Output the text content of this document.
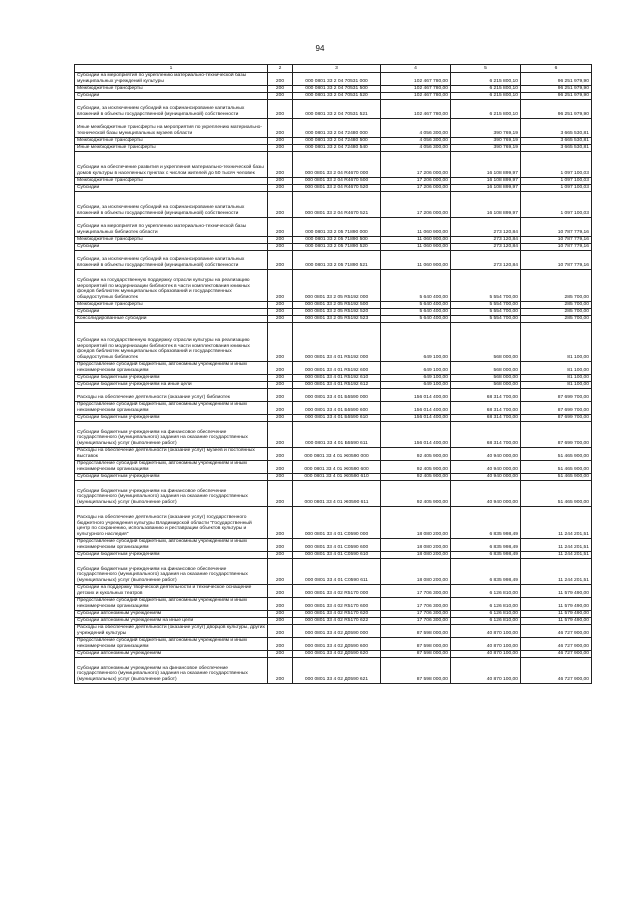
94
1	2	3	4	5	6
Субсидии на мероприятия по укреплению материально-технической базы муниципальных учреждений культуры	200	000 0801 33 2 04 70531 000	102 467 780,00	6 215 800,10	96 251 979,90
Межбюджетные трансферты	200	000 0801 33 2 04 70531 500	102 467 780,00	6 215 800,10	96 251 979,90
Субсидии	200	000 0801 33 2 04 70531 520	102 467 780,00	6 215 800,10	96 251 979,90
Субсидии, за исключением субсидий на софинансирование капитальных вложений в объекты государственной (муниципальной) собственности	200	000 0801 33 2 04 70531 521	102 467 780,00	6 215 800,10	96 251 979,90
Иные межбюджетные трансферты на мероприятия по укреплению материально-технической базы муниципальных музеев области	200	000 0801 33 2 04 72480 000	4 056 300,00	390 769,19	3 665 530,81
Межбюджетные трансферты	200	000 0801 33 2 04 72480 500	4 056 300,00	390 769,19	3 665 530,81
Иные межбюджетные трансферты	200	000 0801 33 2 04 72480 540	4 056 300,00	390 769,19	3 665 530,81
Субсидии на обеспечение развития и укрепления материально-технической базы домов культуры в населенных пунктах с числом жителей до 50 тысяч человек	200	000 0801 33 2 04 R4670 000	17 206 000,00	16 108 899,97	1 097 100,03
Межбюджетные трансферты	200	000 0801 33 2 04 R4670 500	17 206 000,00	16 108 899,97	1 097 100,03
Субсидии	200	000 0801 33 2 04 R4670 520	17 206 000,00	16 108 899,97	1 097 100,03
Субсидии, за исключением субсидий на софинансирование капитальных вложений в объекты государственной (муниципальной) собственности	200	000 0801 33 2 04 R4670 521	17 206 000,00	16 108 899,97	1 097 100,03
Субсидии на мероприятия по укреплению материально-технической базы муниципальных библиотек области	200	000 0801 33 2 05 71890 000	11 060 900,00	273 120,84	10 787 779,16
Межбюджетные трансферты	200	000 0801 33 2 05 71890 500	11 060 900,00	273 120,84	10 787 779,16
Субсидии	200	000 0801 33 2 05 71890 520	11 060 900,00	273 120,84	10 787 779,16
Субсидии, за исключением субсидий на софинансирование капитальных вложений в объекты государственной (муниципальной) собственности	200	000 0801 33 2 05 71890 521	11 060 900,00	273 120,84	10 787 779,16
Субсидии на государственную поддержку отрасли культуры на реализацию мероприятий по модернизации библиотек в части комплектования книжных фондов библиотек муниципальных образований и государственных общедоступных библиотек	200	000 0801 33 2 05 R5192 000	5 640 400,00	5 554 700,00	285 700,00
Межбюджетные трансферты	200	000 0801 33 2 05 R5192 500	5 640 400,00	5 554 700,00	285 700,00
Субсидии	200	000 0801 33 2 05 R5192 520	5 640 400,00	5 554 700,00	285 700,00
Консолидированные субсидии	200	000 0801 33 2 05 R5192 523	5 640 400,00	5 554 700,00	285 700,00
Субсидии на государственную поддержку отрасли культуры на реализацию мероприятий по модернизации библиотек в части комплектования книжных фондов библиотек муниципальных образований и государственных общедоступных библиотек	200	000 0801 33 4 01 R5192 000	649 100,00	568 000,00	81 100,00
Предоставление субсидий бюджетным, автономным учреждениям и иным некоммерческим организациям	200	000 0801 33 4 01 R5192 600	649 100,00	568 000,00	81 100,00
Субсидии бюджетным учреждениям	200	000 0801 33 4 01 R5192 610	649 100,00	568 000,00	81 100,00
Субсидии бюджетным учреждениям на иные цели	200	000 0801 33 4 01 R5192 612	649 100,00	568 000,00	81 100,00
Расходы на обеспечение деятельности (оказание услуг) библиотек	200	000 0801 33 4 01 Б5590 000	156 014 400,00	68 314 700,00	87 699 700,00
Предоставление субсидий бюджетным, автономным учреждениям и иным некоммерческим организациям	200	000 0801 33 4 01 Б5590 600	156 014 400,00	68 314 700,00	87 699 700,00
Субсидии бюджетным учреждениям	200	000 0801 33 4 01 Б5590 610	156 014 400,00	68 314 700,00	87 699 700,00
Субсидии бюджетным учреждениям на финансовое обеспечение государственного (муниципального) задания на оказание государственных (муниципальных) услуг (выполнение работ)	200	000 0801 33 4 01 Б5590 611	156 014 400,00	68 314 700,00	87 699 700,00
Расходы на обеспечение деятельности (оказание услуг) музеев и постоянных выставок	200	000 0801 33 4 01 Ж0590 000	92 405 900,00	40 940 000,00	51 465 900,00
Предоставление субсидий бюджетным, автономным учреждениям и иным некоммерческим организациям	200	000 0801 33 4 01 Ж0590 600	92 405 900,00	40 940 000,00	51 465 900,00
Субсидии бюджетным учреждениям	200	000 0801 33 4 01 Ж0590 610	92 405 900,00	40 940 000,00	51 465 900,00
Субсидии бюджетным учреждениям на финансовое обеспечение государственного (муниципального) задания на оказание государственных (муниципальных) услуг (выполнение работ)	200	000 0801 33 4 01 Ж0590 611	92 405 900,00	40 940 000,00	51 465 900,00
Расходы на обеспечение деятельности (оказание услуг) государственного бюджетного учреждения культуры Владимирской области "Государственный центр по сохранению, использованию и реставрации объектов культуры и культурного наследия"	200	000 0801 33 4 01 С0590 000	18 080 200,00	6 835 998,49	11 244 201,51
Предоставление субсидий бюджетным, автономным учреждениям и иным некоммерческим организациям	200	000 0801 33 4 01 С0590 600	18 080 200,00	6 835 998,49	11 244 201,51
Субсидии бюджетным учреждениям	200	000 0801 33 4 01 С0590 610	18 080 200,00	6 835 998,49	11 244 201,51
Субсидии бюджетным учреждениям на финансовое обеспечение государственного (муниципального) задания на оказание государственных (муниципальных) услуг (выполнение работ)	200	000 0801 33 4 01 С0590 611	18 080 200,00	6 835 998,49	11 244 201,51
Субсидии на поддержку творческой деятельности и техническое оснащение детских и кукольных театров	200	000 0801 33 4 02 R5170 000	17 706 300,00	6 126 810,00	11 579 490,00
Предоставление субсидий бюджетным, автономным учреждениям и иным некоммерческим организациям	200	000 0801 33 4 02 R5170 600	17 706 300,00	6 126 810,00	11 579 490,00
Субсидии автономным учреждениям	200	000 0801 33 4 02 R5170 620	17 706 300,00	6 126 810,00	11 579 490,00
Субсидии автономным учреждениям на иные цели	200	000 0801 33 4 02 R5170 622	17 706 300,00	6 126 810,00	11 579 490,00
Расходы на обеспечение деятельности (оказание услуг) дворцов культуры, других учреждений культуры	200	000 0801 33 4 02 Д0590 000	87 598 000,00	40 870 100,00	46 727 900,00
Предоставление субсидий бюджетным, автономным учреждениям и иным некоммерческим организациям	200	000 0801 33 4 02 Д0590 600	87 598 000,00	40 870 100,00	46 727 900,00
Субсидии автономным учреждениям	200	000 0801 33 4 02 Д0590 620	87 598 000,00	40 870 100,00	46 727 900,00
Субсидии автономным учреждениям на финансовое обеспечение государственного (муниципального) задания на оказание государственных (муниципальных) услуг (выполнение работ)	200	000 0801 33 4 02 Д0590 621	87 598 000,00	40 870 100,00	46 727 900,00
